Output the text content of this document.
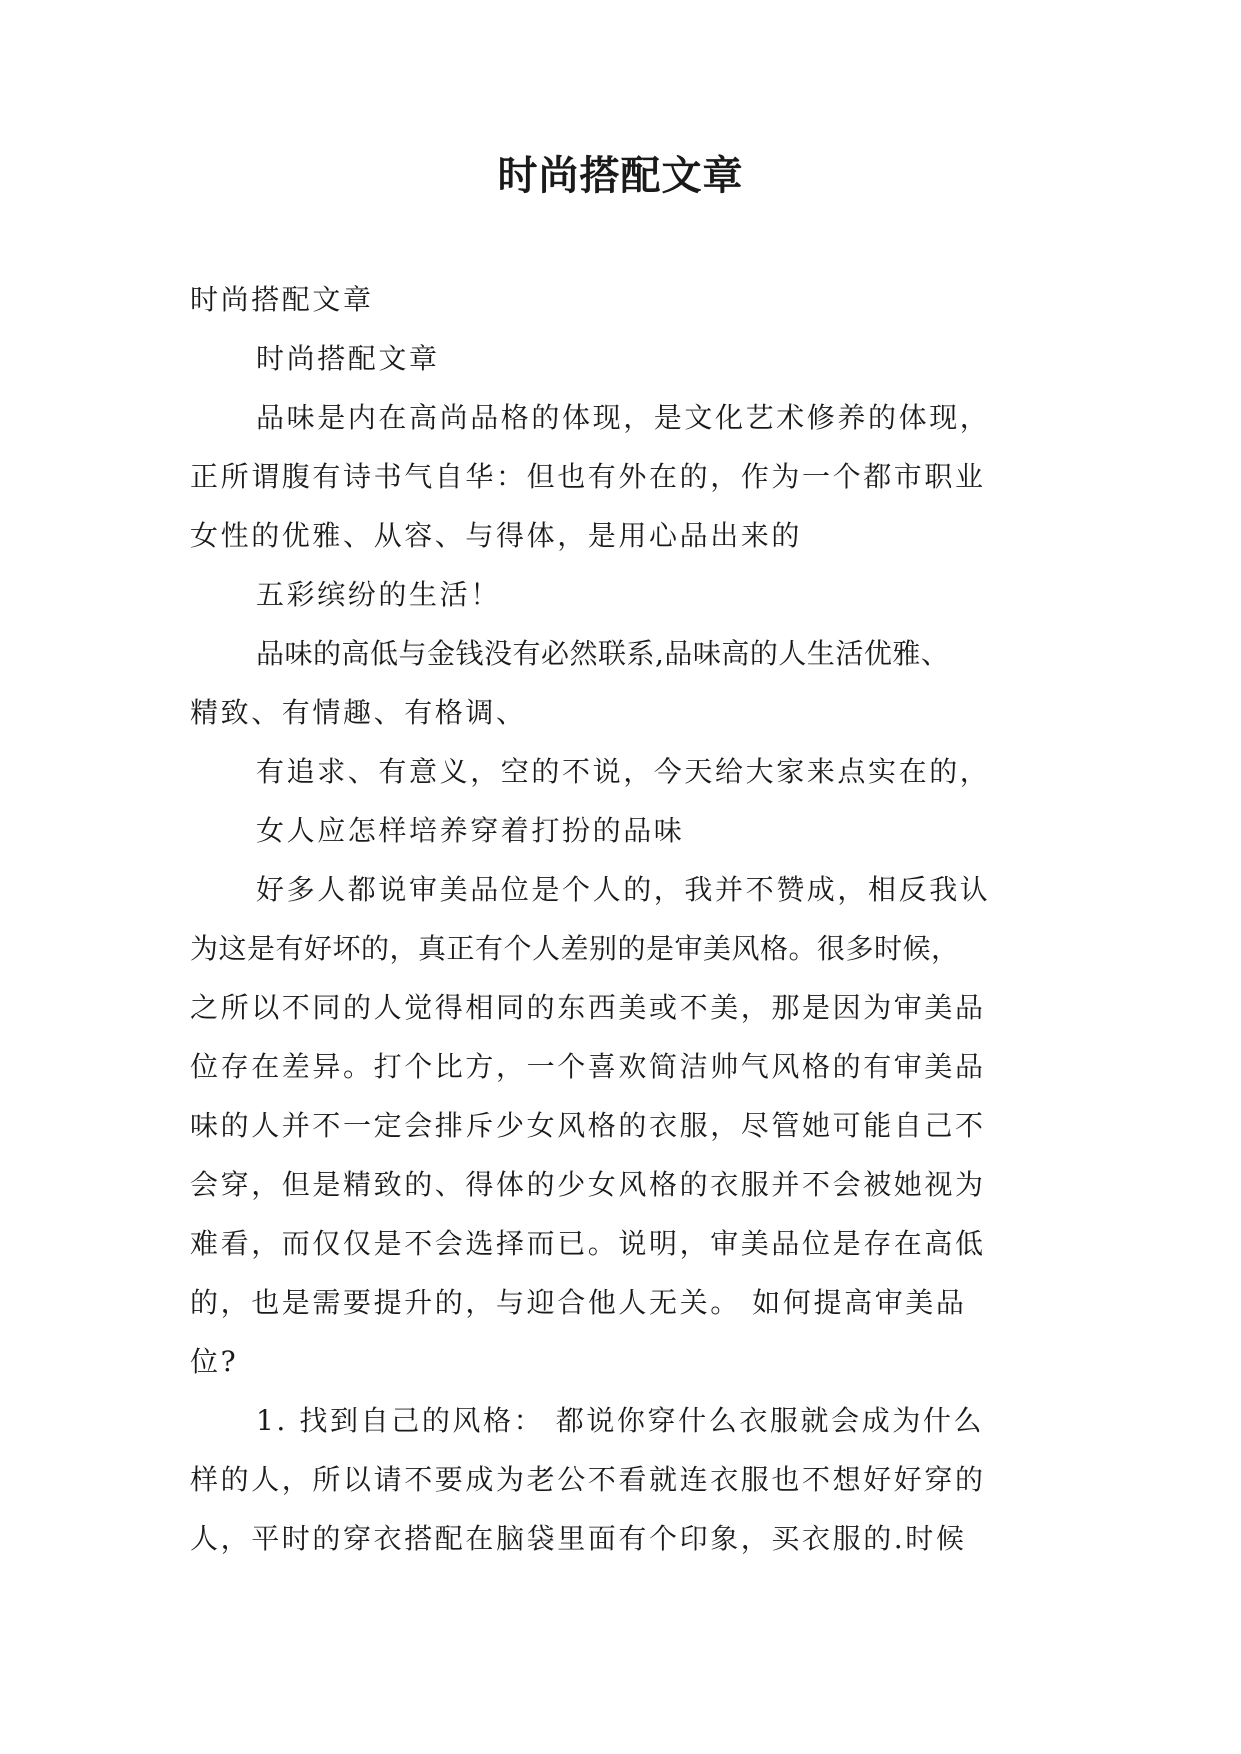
时尚搭配文章
时尚搭配文章
时尚搭配文章
品味是内在高尚品格的体现，是文化艺术修养的体现，
正所谓腹有诗书气自华：但也有外在的，作为一个都市职业
女性的优雅、从容、与得体，是用心品出来的
五彩缤纷的生活！
品味的高低与金钱没有必然联系,品味高的人生活优雅、
精致、有情趣、有格调、
有追求、有意义，空的不说，今天给大家来点实在的，
女人应怎样培养穿着打扮的品味
好多人都说审美品位是个人的，我并不赞成，相反我认
为这是有好坏的，真正有个人差别的是审美风格。很多时候，
之所以不同的人觉得相同的东西美或不美，那是因为审美品
位存在差异。打个比方，一个喜欢简洁帅气风格的有审美品
味的人并不一定会排斥少女风格的衣服，尽管她可能自己不
会穿，但是精致的、得体的少女风格的衣服并不会被她视为
难看，而仅仅是不会选择而已。说明，审美品位是存在高低
的，也是需要提升的，与迎合他人无关。 如何提高审美品
位?
1. 找到自己的风格： 都说你穿什么衣服就会成为什么
样的人，所以请不要成为老公不看就连衣服也不想好好穿的
人，平时的穿衣搭配在脑袋里面有个印象，买衣服的.时候
